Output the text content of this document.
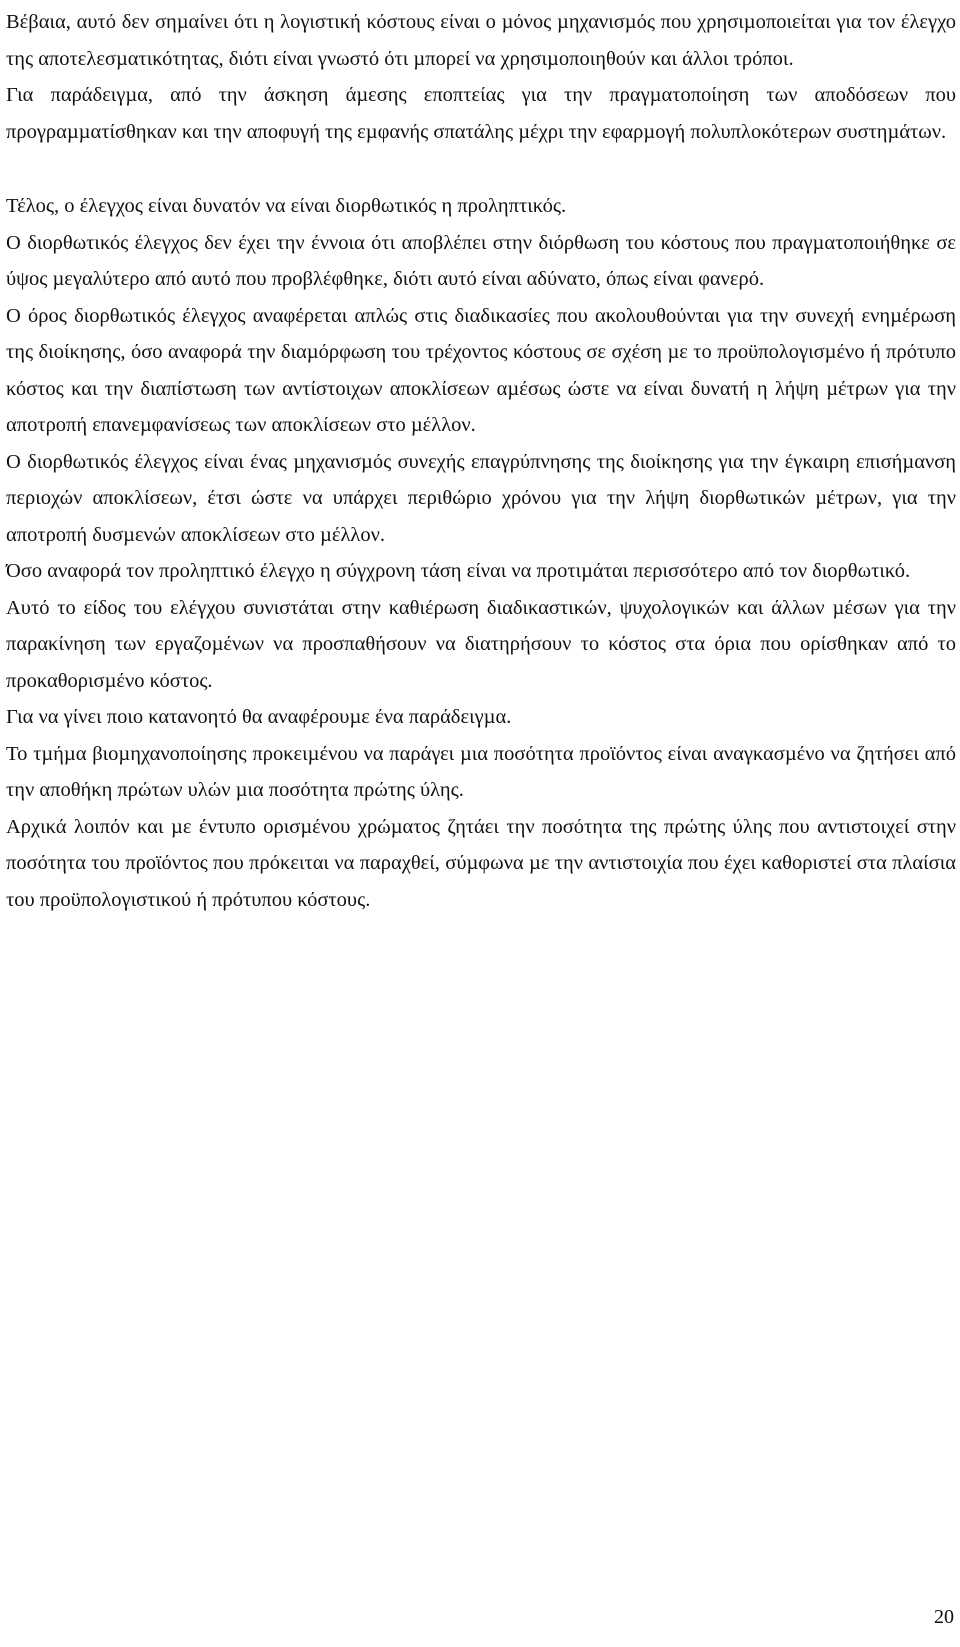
Βέβαια, αυτό δεν σηµαίνει ότι η λογιστική κόστους είναι ο µόνος µηχανισµός που χρησιµοποιείται για τον έλεγχο της αποτελεσµατικότητας, διότι είναι γνωστό ότι µπορεί να χρησιµοποιηθούν και άλλοι τρόποι.

Για παράδειγµα, από την άσκηση άµεσης εποπτείας για την πραγµατοποίηση των αποδόσεων που προγραµµατίσθηκαν και την αποφυγή της εµφανής σπατάλης µέχρι την εφαρµογή πολυπλοκότερων συστηµάτων.

Τέλος, ο έλεγχος είναι δυνατόν να είναι διορθωτικός η προληπτικός.

Ο διορθωτικός έλεγχος δεν έχει την έννοια ότι αποβλέπει στην διόρθωση του κόστους που πραγµατοποιήθηκε σε ύψος µεγαλύτερο από αυτό που προβλέφθηκε, διότι αυτό είναι αδύνατο, όπως είναι φανερό.

Ο όρος διορθωτικός έλεγχος αναφέρεται απλώς στις διαδικασίες που ακολουθούνται για την συνεχή ενηµέρωση της διοίκησης, όσο αναφορά την διαµόρφωση του τρέχοντος κόστους σε σχέση µε το προϋπολογισµένο ή πρότυπο κόστος και την διαπίστωση των αντίστοιχων αποκλίσεων αµέσως ώστε να είναι δυνατή η λήψη µέτρων για την αποτροπή επανεµφανίσεως των αποκλίσεων στο µέλλον.

Ο διορθωτικός έλεγχος είναι ένας µηχανισµός συνεχής επαγρύπνησης της διοίκησης για την έγκαιρη επισήµανση περιοχών αποκλίσεων, έτσι ώστε να υπάρχει περιθώριο χρόνου για την λήψη διορθωτικών µέτρων, για την αποτροπή δυσµενών αποκλίσεων στο µέλλον.

Όσο αναφορά τον προληπτικό έλεγχο η σύγχρονη τάση είναι να προτιµάται περισσότερο από τον διορθωτικό.

Αυτό το είδος του ελέγχου συνιστάται στην καθιέρωση διαδικαστικών, ψυχολογικών και άλλων µέσων για την παρακίνηση των εργαζοµένων να προσπαθήσουν να διατηρήσουν το κόστος στα όρια που ορίσθηκαν από το προκαθορισµένο κόστος.

Για να γίνει ποιο κατανοητό θα αναφέρουµε ένα παράδειγµα.

Το τµήµα βιοµηχανοποίησης προκειµένου να παράγει µια ποσότητα προϊόντος είναι αναγκασµένο να ζητήσει από την αποθήκη πρώτων υλών µια ποσότητα πρώτης ύλης.

Αρχικά λοιπόν και µε έντυπο ορισµένου χρώµατος ζητάει την ποσότητα της πρώτης ύλης που αντιστοιχεί στην ποσότητα του προϊόντος που πρόκειται να παραχθεί, σύµφωνα µε την αντιστοιχία που έχει καθοριστεί στα πλαίσια του προϋπολογιστικού ή πρότυπου κόστους.

20
